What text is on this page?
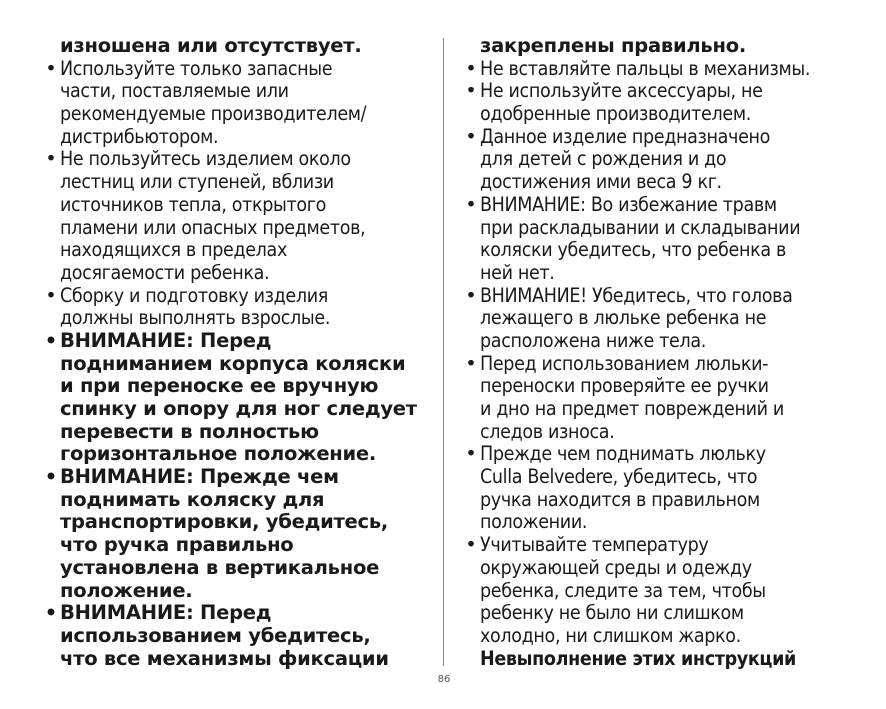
изношена или отсутствует.
• Используйте только запасные
части, поставляемые или
рекомендуемые производителем/
дистрибьютором.
• Не пользуйтесь изделием около
лестниц или ступеней, вблизи
источников тепла, открытого
пламени или опасных предметов,
находящихся в пределах
досягаемости ребенка.
• Сборку и подготовку изделия
должны выполнять взрослые.
• ВНИМАНИЕ: Перед
подниманием корпуса коляски
и при переноске ее вручную
спинку и опору для ног следует
перевести в полностью
горизонтальное положение.
• ВНИМАНИЕ: Прежде чем
поднимать коляску для
транспортировки, убедитесь,
что ручка правильно
установлена в вертикальное
положение.
• ВНИМАНИЕ: Перед
использованием убедитесь,
что все механизмы фиксации
закреплены правильно.
• Не вставляйте пальцы в механизмы.
• Не используйте аксессуары, не
одобренные производителем.
• Данное изделие предназначено
для детей с рождения и до
достижения ими веса 9 кг.
• ВНИМАНИЕ: Во избежание травм
при раскладывании и складывании
коляски убедитесь, что ребенка в
ней нет.
• ВНИМАНИЕ! Убедитесь, что голова
лежащего в люльке ребенка не
расположена ниже тела.
• Перед использованием люльки-
переноски проверяйте ее ручки
и дно на предмет повреждений и
следов износа.
• Прежде чем поднимать люльку
Culla Belvedere, убедитесь, что
ручка находится в правильном
положении.
• Учитывайте температуру
окружающей среды и одежду
ребенка, следите за тем, чтобы
ребенку не было ни слишком
холодно, ни слишком жарко.
Невыполнение этих инструкций
86
